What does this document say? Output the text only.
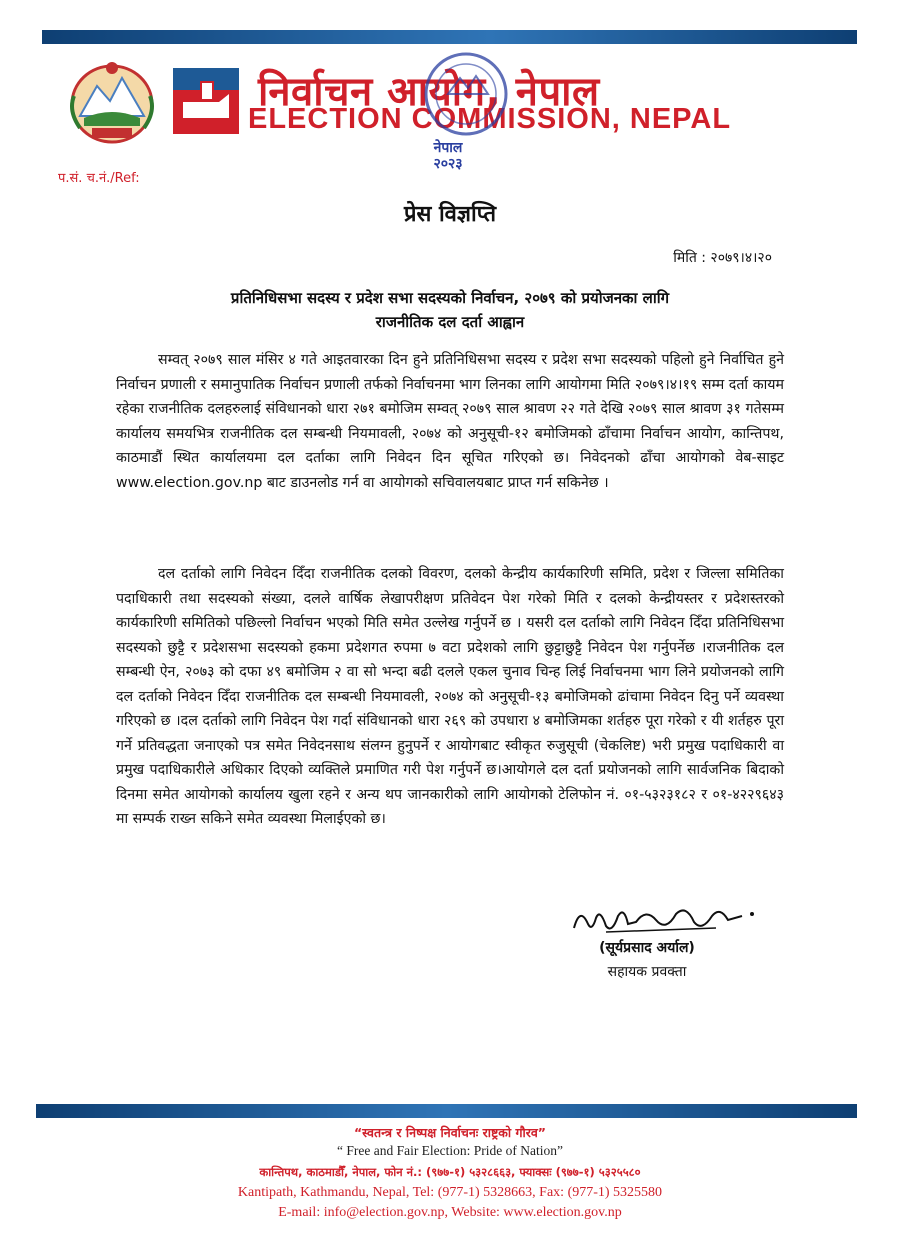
निर्वाचन आयोग, नेपाल
ELECTION COMMISSION, NEPAL
नेपाल
२०२३
प.सं. च.नं./Ref:
प्रेस विज्ञप्ति
मिति : २०७९।४।२०
प्रतिनिधिसभा सदस्य र प्रदेश सभा सदस्यको निर्वाचन, २०७९ को प्रयोजनका लागि
राजनीतिक दल दर्ता आह्वान

सम्वत् २०७९ साल मंसिर ४ गते आइतवारका दिन हुने प्रतिनिधिसभा सदस्य र प्रदेश सभा सदस्यको पहिलो हुने निर्वाचित हुने निर्वाचन प्रणाली र समानुपातिक निर्वाचन प्रणाली तर्फको निर्वाचनमा भाग लिनका लागि आयोगमा मिति २०७९।४।१९ सम्म दर्ता कायम रहेका राजनीतिक दलहरुलाई संविधानको धारा २७१ बमोजिम सम्वत् २०७९ साल श्रावण २२ गते देखि २०७९ साल श्रावण ३१ गतेसम्म कार्यालय समयभित्र राजनीतिक दल सम्बन्धी नियमावली, २०७४ को अनुसूची-१२ बमोजिमको ढाँचामा निर्वाचन आयोग, कान्तिपथ, काठमाडौं स्थित कार्यालयमा दल दर्ताका लागि निवेदन दिन सूचित गरिएको छ। निवेदनको ढाँचा आयोगको वेब-साइट www.election.gov.np बाट डाउनलोड गर्न वा आयोगको सचिवालयबाट प्राप्त गर्न सकिनेछ ।

दल दर्ताको लागि निवेदन दिँदा राजनीतिक दलको विवरण, दलको केन्द्रीय कार्यकारिणी समिति, प्रदेश र जिल्ला समितिका पदाधिकारी तथा सदस्यको संख्या, दलले वार्षिक लेखापरीक्षण प्रतिवेदन पेश गरेको मिति र दलको केन्द्रीयस्तर र प्रदेशस्तरको कार्यकारिणी समितिको पछिल्लो निर्वाचन भएको मिति समेत उल्लेख गर्नुपर्ने छ । यसरी दल दर्ताको लागि निवेदन दिँदा प्रतिनिधिसभा सदस्यको छुट्टै र प्रदेशसभा सदस्यको हकमा प्रदेशगत रुपमा ७ वटा प्रदेशको लागि छुट्टाछुट्टै निवेदन पेश गर्नुपर्नेछ ।राजनीतिक दल सम्बन्धी ऐन, २०७३ को दफा ४९ बमोजिम २ वा सो भन्दा बढी दलले एकल चुनाव चिन्ह लिई निर्वाचनमा भाग लिने प्रयोजनको लागि दल दर्ताको निवेदन दिँदा राजनीतिक दल सम्बन्धी नियमावली, २०७४ को अनुसूची-१३ बमोजिमको ढांचामा निवेदन दिनु पर्ने व्यवस्था गरिएको छ ।दल दर्ताको लागि निवेदन पेश गर्दा संविधानको धारा २६९ को उपधारा ४ बमोजिमका शर्तहरु पूरा गरेको र यी शर्तहरु पूरा गर्ने प्रतिवद्धता जनाएको पत्र समेत निवेदनसाथ संलग्न हुनुपर्ने र आयोगबाट स्वीकृत रुजुसूची (चेकलिष्ट) भरी प्रमुख पदाधिकारी वा प्रमुख पदाधिकारीले अधिकार दिएको व्यक्तिले प्रमाणित गरी पेश गर्नुपर्ने छ।आयोगले दल दर्ता प्रयोजनको लागि सार्वजनिक बिदाको दिनमा समेत आयोगको कार्यालय खुला रहने र अन्य थप जानकारीको लागि आयोगको टेलिफोन नं. ०१-५३२३१८२ र ०१-४२२९६४३ मा सम्पर्क राख्न सकिने समेत व्यवस्था मिलाईएको छ।

(सूर्यप्रसाद अर्याल)
सहायक प्रवक्ता
“स्वतन्त्र र निष्पक्ष निर्वाचनः राष्ट्रको गौरव”
“ Free and Fair Election: Pride of Nation”
कान्तिपथ, काठमाडौँ, नेपाल, फोन नं.: (९७७-१) ५३२८६६३, फ्याक्सः (९७७-१) ५३२५५८०
Kantipath, Kathmandu, Nepal, Tel: (977-1) 5328663, Fax: (977-1) 5325580
E-mail: info@election.gov.np, Website: www.election.gov.np
